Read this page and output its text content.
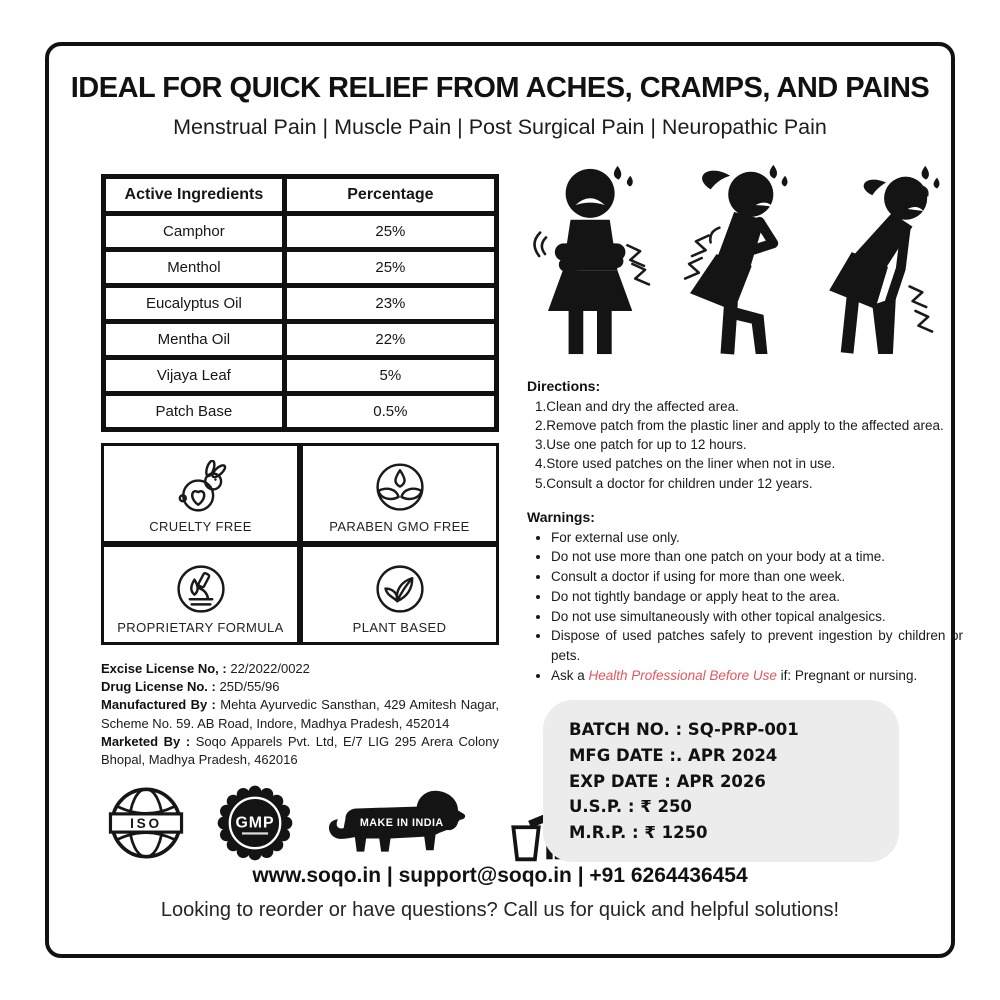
IDEAL FOR QUICK RELIEF FROM ACHES, CRAMPS, AND PAINS
Menstrual Pain | Muscle Pain | Post Surgical Pain | Neuropathic Pain
Active Ingredients	Percentage
Camphor	25%
Menthol	25%
Eucalyptus Oil	23%
Mentha Oil	22%
Vijaya Leaf	5%
Patch Base	0.5%
CRUELTY FREE	PARABEN GMO FREE
PROPRIETARY FORMULA	PLANT BASED

Excise License No, : 22/2022/0022

Drug License No. : 25D/55/96

Manufactured By : Mehta Ayurvedic Sansthan, 429 Amitesh Nagar, Scheme No. 59. AB Road, Indore, Madhya Pradesh, 452014

Marketed By : Soqo Apparels Pvt. Ltd, E/7 LIG 295 Arera Colony Bhopal, Madhya Pradesh, 462016

ISO	GMP	MAKE IN INDIA
Directions:
Clean and dry the affected area.
Remove patch from the plastic liner and apply to the affected area.
Use one patch for up to 12 hours.
Store used patches on the liner when not in use.
Consult a doctor for children under 12 years.
Warnings:
• For external use only.
• Do not use more than one patch on your body at a time.
• Consult a doctor if using for more than one week.
• Do not tightly bandage or apply heat to the area.
• Do not use simultaneously with other topical analgesics.
• Dispose of used patches safely to prevent ingestion by children or pets.
• Ask a Health Professional Before Use if: Pregnant or nursing.
BATCH NO. : SQ-PRP-001
MFG DATE :. APR 2024
EXP DATE : APR 2026
U.S.P. : ₹ 250
M.R.P. : ₹ 1250
www.soqo.in | support@soqo.in | +91 6264436454
Looking to reorder or have questions? Call us for quick and helpful solutions!
